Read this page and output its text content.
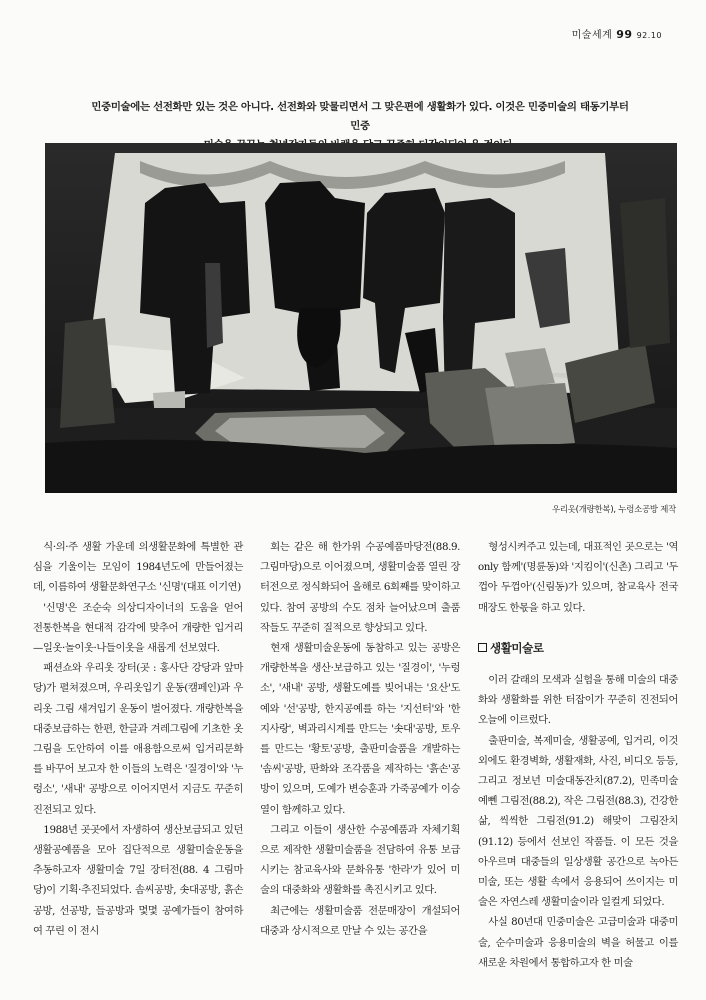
미술세계 99 92.10
민중미술에는 선전화만 있는 것은 아니다. 선전화와 맞물리면서 그 맞은편에 생활화가 있다. 이것은 민중미술의 태동기부터 민중
우리옷(개량한복), 누렁소공방 제작

식·의·주 생활 가운데 의생활문화에 특별한 관심을 기울이는 모임이 1984년도에 만들어졌는데, 이름하여 생활문화연구소 '신명'(대표 이기연)

'신명'은 조순숙 의상디자이너의 도움을 얻어 전통한복을 현대적 감각에 맞추어 개량한 입거리—일옷·놀이옷·나들이옷을 새롭게 선보였다.

패션쇼와 우리옷 장터(곳 : 홍사단 강당과 앞마당)가 펼쳐졌으며, 우리옷입기 운동(캠페인)과 우리옷 그림 새겨입기 운동이 벌어졌다. 개량한복을 대중보급하는 한편, 한글과 겨레그림에 기초한 옷그림을 도안하여 이를 애용함으로써 입거리문화를 바꾸어 보고자 한 이들의 노력은 '질경이'와 '누렁소', '새내' 공방으로 이어지면서 지금도 꾸준히 진전되고 있다.

1988년 곳곳에서 자생하여 생산보급되고 있던 생활공예품을 모아 집단적으로 생활미술운동을 추동하고자 생활미술 7일 장터전(88. 4 그림마당)이 기획·추진되었다. 솜씨공방, 솟대공방, 흙손공방, 선공방, 들공방과 몇몇 공예가들이 참여하여 꾸린 이 전시

회는 같은 해 한가위 수공예품마당전(88.9. 그림마당)으로 이어졌으며, 생활미술품 열린 장터전으로 정식화되어 올해로 6회째를 맞이하고 있다. 참여 공방의 수도 점차 늘어났으며 출품작들도 꾸준히 질적으로 향상되고 있다.

현재 생활미술운동에 동참하고 있는 공방은 개량한복을 생산·보급하고 있는 '질경이', '누렁소', '새내' 공방, 생활도예를 빚어내는 '요산'도예와 '선'공방, 한지공예를 하는 '지선터'와 '한지사랑', 벽과리시계를 만드는 '솟대'공방, 토우를 만드는 '황토'공방, 출판미술품을 개발하는 '솜씨'공방, 판화와 조각품을 제작하는 '흙손'공방이 있으며, 도예가 변승훈과 가죽공예가 이승열이 함께하고 있다.

그리고 이들이 생산한 수공예품과 자체기획으로 제작한 생활미술품을 전담하여 유통 보급시키는 참교육사와 문화유통 '한라'가 있어 미술의 대중화와 생활화를 촉진시키고 있다.

최근에는 생활미술품 전문매장이 개설되어 대중과 상시적으로 만날 수 있는 공간을

형성시켜주고 있는데, 대표적인 곳으로는 '역only 함께'(명륜동)와 '지킴이'(신촌) 그리고 '두껍아 두껍아'(신림동)가 있으며, 참교육사 전국 매장도 한몫을 하고 있다.

생활미술로

이러 갈래의 모색과 실험을 통해 미술의 대중화와 생활화를 위한 터잡이가 꾸준히 진전되어 오늘에 이르렀다.

출판미술, 복제미술, 생활공예, 입거리, 이것 외에도 환경벽화, 생활재화, 사진, 비디오 등등, 그리고 정보년 미술대동잔치(87.2), 민족미술 예뻰 그림전(88.2), 작은 그림전(88.3), 건강한 삶, 씩씩한 그림전(91.2) 해맞이 그림잔치(91.12) 등에서 선보인 작품들. 이 모든 것을 아우르며 대중들의 일상생활 공간으로 녹아든 미술, 또는 생활 속에서 응용되어 쓰이지는 미술은 자연스레 생활미술이라 일컬게 되었다.

사실 80년대 민중미술은 고급미술과 대중미술, 순수미술과 응용미술의 벽을 허물고 이를 새로운 차원에서 통합하고자 한 미술
